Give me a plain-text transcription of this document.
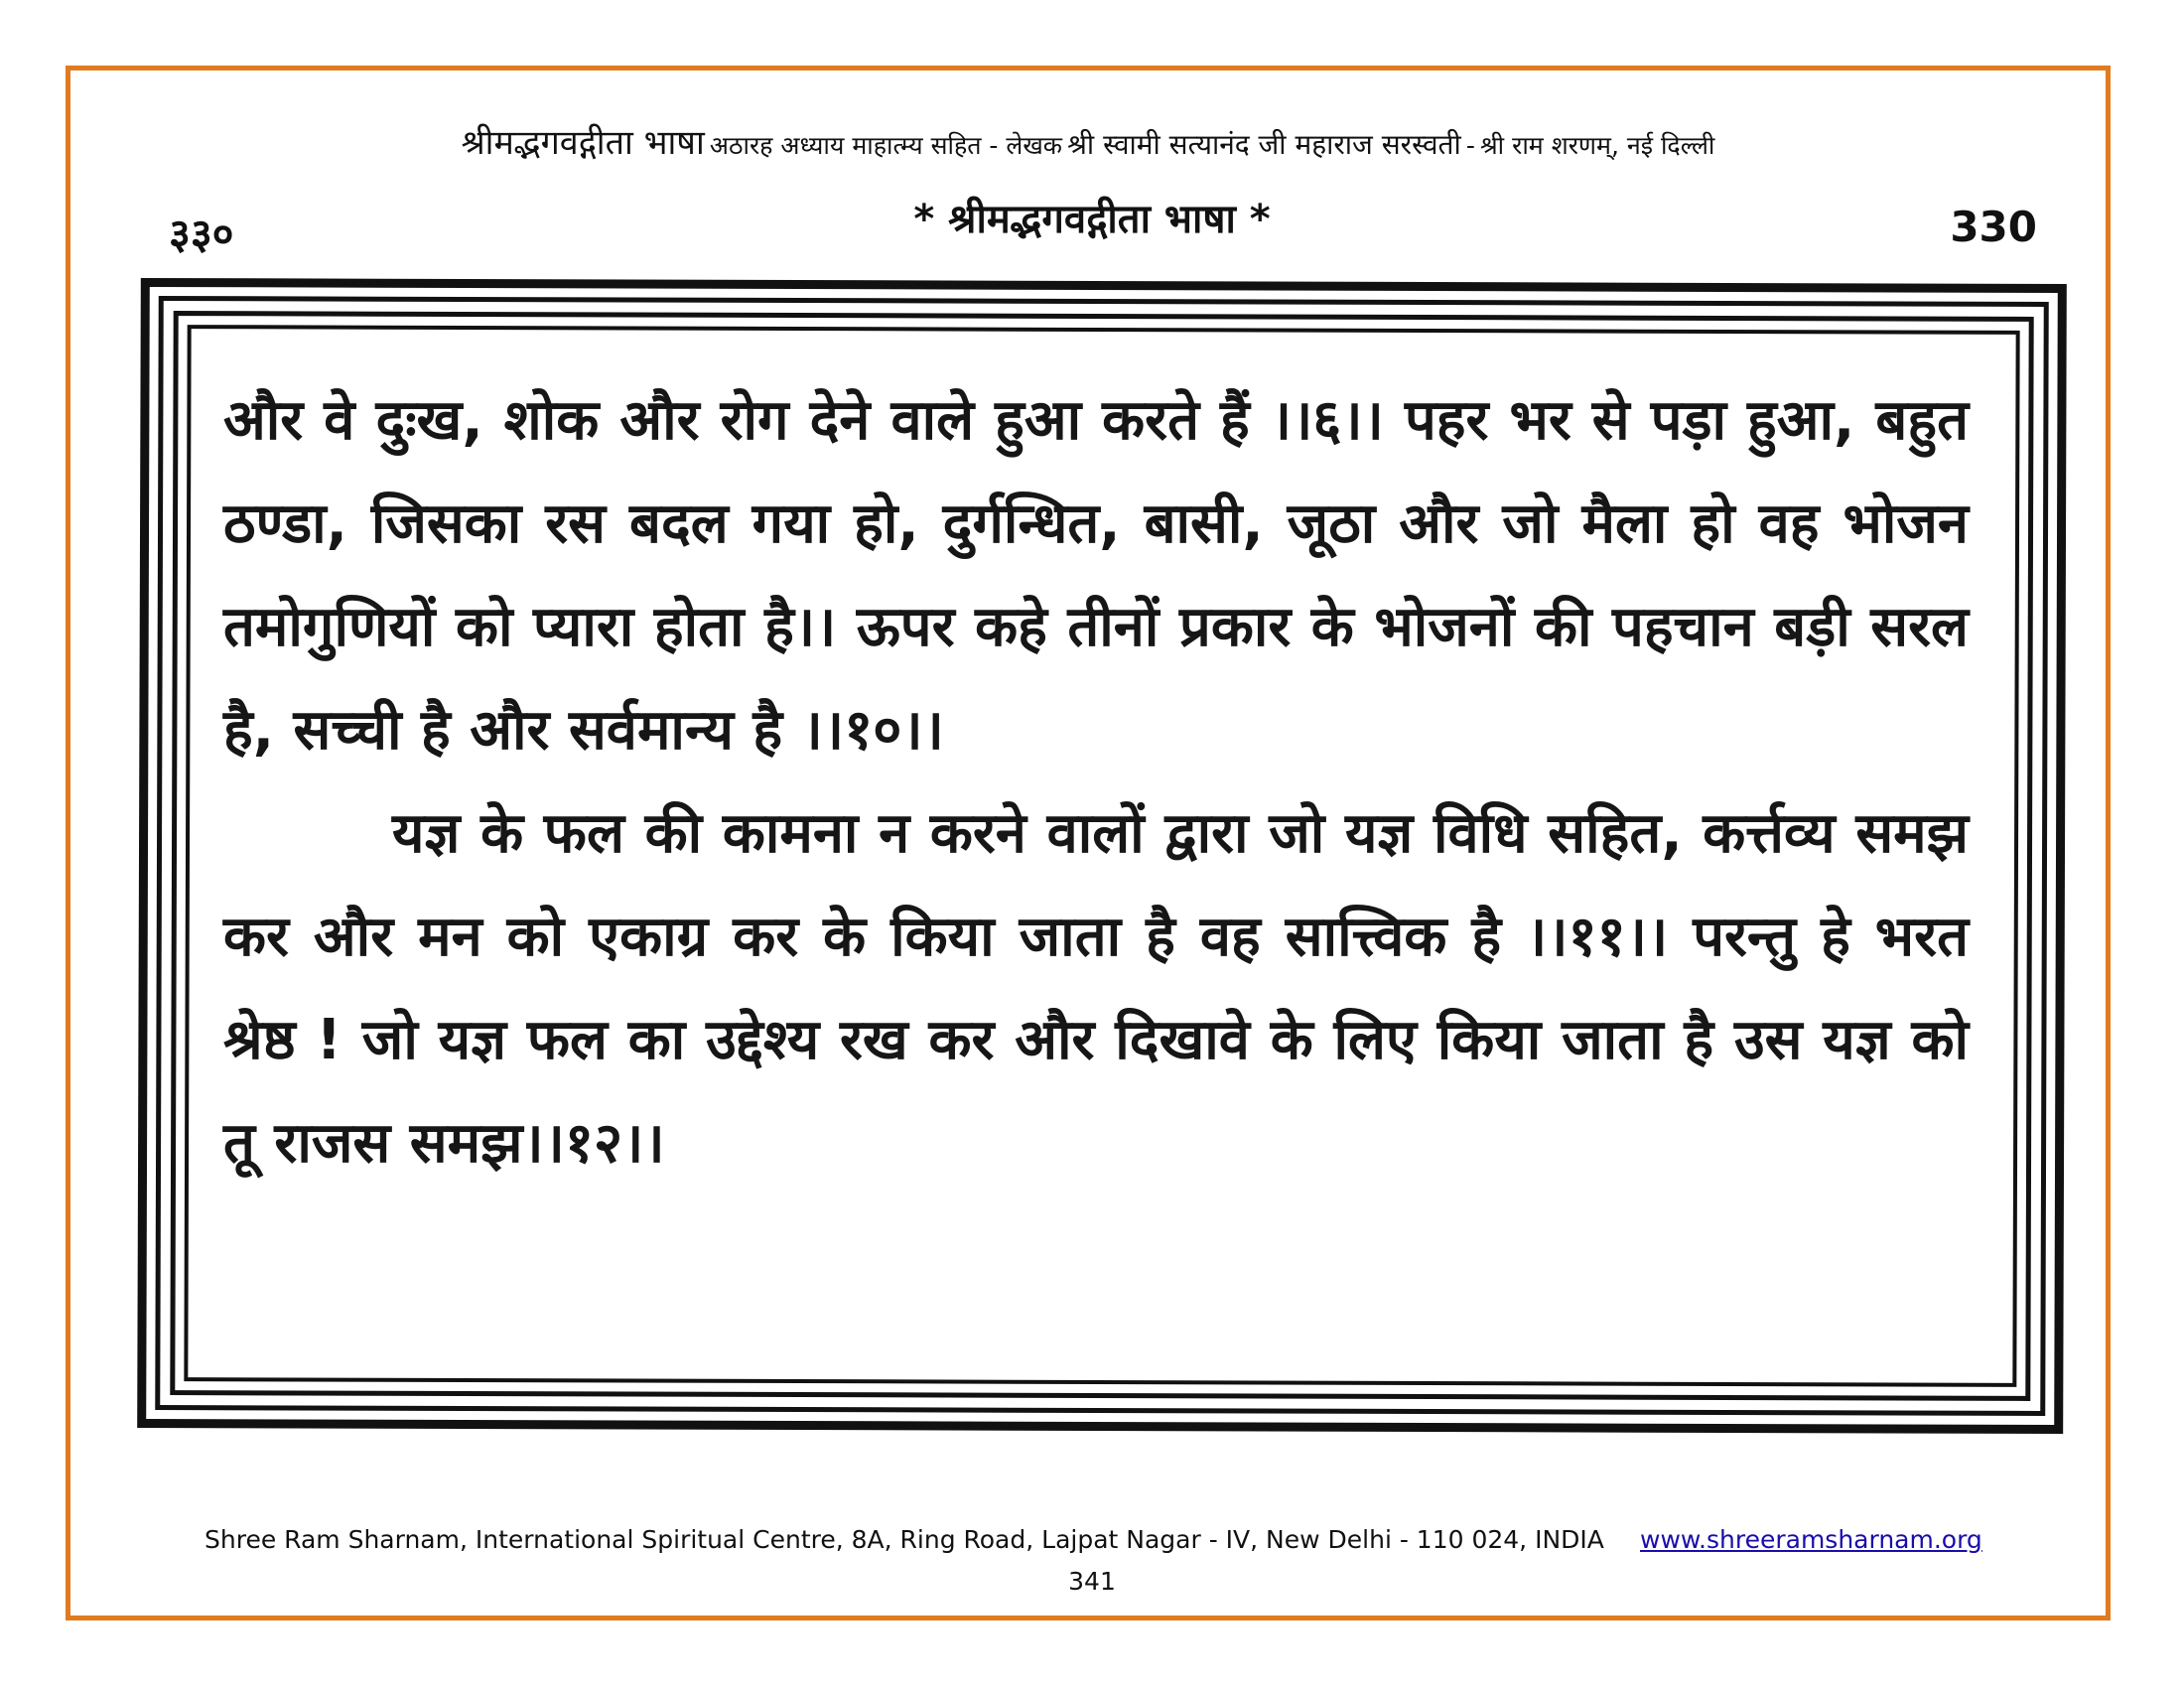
श्रीमद्भगवद्गीता भाषा अठारह अध्याय माहात्म्य सहित - लेखक श्री स्वामी सत्यानंद जी महाराज सरस्वती - श्री राम शरणम्, नई दिल्ली
३३०	* श्रीमद्भगवद्गीता भाषा *	330

और वे दुःख, शोक और रोग देने वाले हुआ करते हैं ।।६।। पहर भर से पड़ा हुआ, बहुत ठण्डा, जिसका रस बदल गया हो, दुर्गन्धित, बासी, जूठा और जो मैला हो वह भोजन तमोगुणियों को प्यारा होता है।। ऊपर कहे तीनों प्रकार के भोजनों की पहचान बड़ी सरल है, सच्ची है और सर्वमान्य है ।।१०।।

यज्ञ के फल की कामना न करने वालों द्वारा जो यज्ञ विधि सहित, कर्त्तव्य समझ कर और मन को एकाग्र कर के किया जाता है वह सात्त्विक है ।।११।। परन्तु हे भरत श्रेष्ठ ! जो यज्ञ फल का उद्देश्य रख कर और दिखावे के लिए किया जाता है उस यज्ञ को तू राजस समझ।।१२।।

Shree Ram Sharnam, International Spiritual Centre, 8A, Ring Road, Lajpat Nagar - IV, New Delhi - 110 024, INDIA www.shreeramsharnam.org
341
